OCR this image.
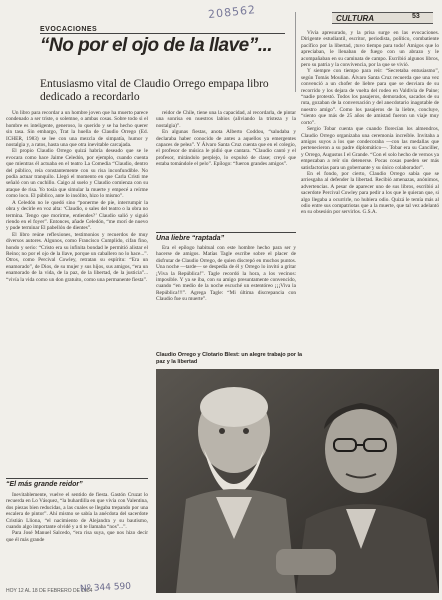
208562	CULTURA	53
EVOCACIONES
“No por el ojo de la llave”...
Entusiasmo vital de Claudio Orrego empapa libro dedicado a recordarlo

Un libro para recordar a un hombre joven que ha muerto parece condenado a ser triste, o solemne, o ambas cosas. Sobre todo si el hombre es inteligente, generoso, lo querido y se ha hecho querer sin tasa. Sin embargo, Trat la huella de Claudio Orrego (Ed. ICHER, 1983) se lee con una mezcla de simpatía, humor y nostalgia y, a ratos, hasta una que otra inevitable carcajada.

El propio Claudio Orrego quizá habría deseado que se le evocara como hace Jaime Celedón, por ejemplo, cuando cuenta que mientras él actuaba en el teatro La Comedia “Claudio, dentro del público, reía constantemente con su risa inconfundible. No podía actuar tranquilo. Llegó el momento en que Carla Cristi me señaló con un cuchillo. Caigo al suelo y Claudio comienza con su ataque de risa. Yo tosía que simular la muerte y empecé a reírme como loco. El público, ante lo insólito, hizo lo mismo”.

A Celedón no le quedó sino “ponerme de pie, interrumpir la obra y decirle en voz alta: ‘Claudio, o sales del teatro o la obra no termina. Tengo que morirme, entiendes?’ Claudio salió y siguió riendo en el foyer”. Entonces, añade Celedón, “me morí de nuevo y pude terminar El pabellón de dientes”.

El libro reúne reflexiones, testimonios y recuerdos de muy diversos autores. Algunos, como Francisco Cumplido, cifan fino, hondo y serio: “Cristo era su infinita bondad le permitió alistar el Reino; no por el ojo de la llave, porque un caballero no lo hace...”. Otros, como Percival Cowley, retratan su espíritu: “Era un enamorado”, de Dios, de su mujer y sus hijos, sus amigos, “era un enamorado de la vida, de la paz, de la libertad, de la justicia”... “vivía la vida como un don gratuito, como una permanente fiesta”.

“El más grande reidor”

Inevitablemente, vuelve el sentido de fiesta. Gastón Cruzat lo recuerda en Lo Vásquez, “la buhardilla en que vivía con Valentina, dos piezas bien reducidas, a las cuales se llegaba trepando por una escalera de pintor”. Ahí mismo se sabía la anécdota del sacerdote Cristián Lliona, “el nacimiento de Alejandra y su bautismo, cuando algo importante olvidé y a ti te llamaba “nos”...”.

Para José Manuel Salcedo, “era risa suya, que nos hizo decir que él más grande

reidor de Chile, tiene una la capacidad, al recordarla, de pintar una sonrisa en nuestros labios (aliviando la tristeza y la nostalgia)”.

En algunas fiestas, anota Alberto Coddou, “saludaba y declaraba haber conocido de antes a aquellos ya emergentes capaces de pelea”. Y Álvaro Santa Cruz cuenta que en el colegio, el profesor de música le pidió que cantara. “Claudio cantó y el profesor, mirándolo perplejo, lo expulsó de clase; creyó que estaba tomándole el pelo”. Epílogo: “fueron grandes amigos”.

Una liebre “raptada”

Era el epílogo habitual con este hombre hecho para ser y hacerse de amigos. Matías Tagle escribe sobre el placer de disfrutar de Claudio Orrego, de quien discrepó en muchos puntos. Una noche —tarde— se despedía de él y Orrego lo invitó a gritar ¡Viva la República!”. Tagle recordó la hora, a los vecinos: imposible. Y ya se iba, con su amigo presuntamente convencido, cuando “en medio de la noche escuché un estentóreo ¡¡¡Viva la República!!!”. Agrega Tagle: “Mi última discrepancia con Claudio fue su muerte”.

Vivía apresurado, y la prisa surge en las evocaciones. Dirigente estudiantil, escritor, periodista, político, combatiente pacífico por la libertad, ¡tuvo tiempo para todo! Amigos que lo apreciaban, le llenaban de fuego con un abrazo y le acompañaban en su caminata de campo. Escribió algunos libros, pero su patria y la convivencia, por la que se vivió.

Y siempre con tiempo para reír: “Secretaba entusiasmo”, según Tomás Moulian. Álvaro Santa Cruz recuerda que una vez convenció a un chofer de liebre para que se desviara de su recorrido y los dejara de vuelta del rodeo en Valdivia de Paine; “nadie protestó. Todos los pasajeros, demorados, sacados de su ruta, gozaban de la conversación y del anecdotario inagotable de nuestro amigo”. Como los pasajeros de la liebre, concluye, “siento que más de 25 años de amistad fueron un viaje muy corto”.

Sergio Tobar cuenta que cuando florecían los almendros, Claudio Orrego organizaba una ceremonia increíble. Invitaba a amigos suyos a los que condecoraba —con las medallas que pertenecieron a su padre diplomático—. Tobar era su Canciller, y Orrego, Augustus I el Grande. “Con el solo hecho de vernos ya empezaban a reír sin detenerse. Pocas cosas pueden ser más satisfactorias para un gobernante y su único colaborador”.

En el fondo, por cierto, Claudio Orrego sabía que se arriesgaba al defender la libertad. Recibió amenazas, anónimos, advertencias. A pesar de aparecer uno de sus libros, escribió al sacerdote Percival Cowley para pedir a los que le quieran que, si algo llegaba a ocurrirle, no hubiera odio. Quizá le temía más al odio entre sus compatriotas que a la muerte, que tal vez adelantó en su obsesión por servirlos. G.S.A.

Claudio Orrego y Clotario Blest: un alegre trabajo por la paz y la libertad
HOY 12 AL 18 DE FEBRERO DE 1984
Nº 344 590
